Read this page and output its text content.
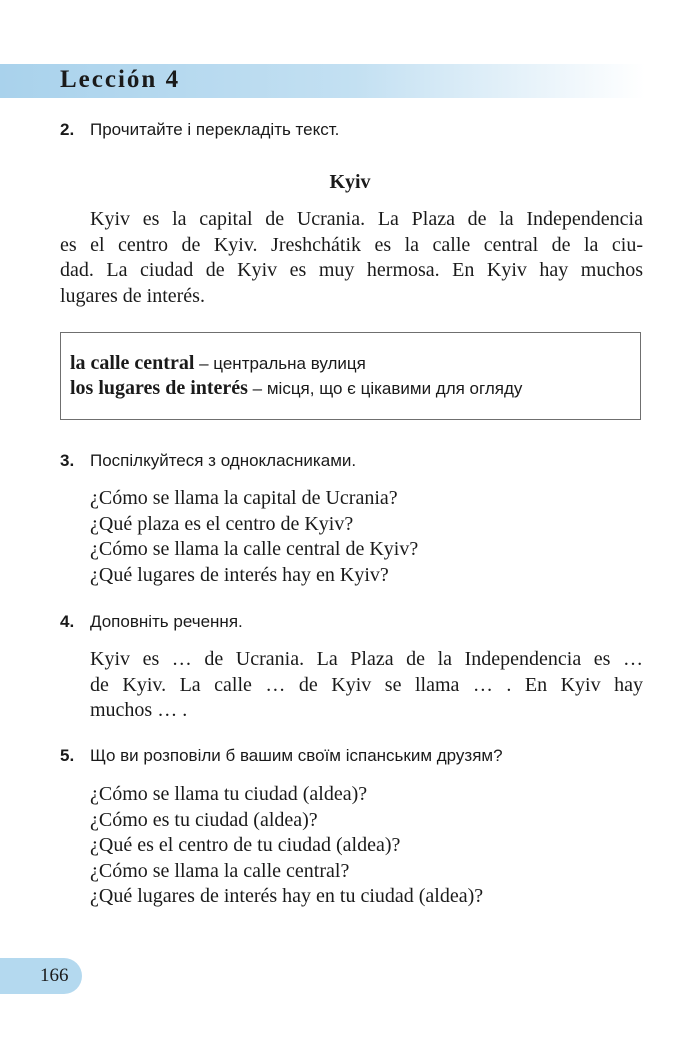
Lección 4
2. Прочитайте і перекладіть текст.
Kyiv
Kyiv es la capital de Ucrania. La Plaza de la Independencia
es el centro de Kyiv. Jreshchátik es la calle central de la ciu-
dad. La ciudad de Kyiv es muy hermosa. En Kyiv hay muchos
lugares de interés.
la calle central – центральна вулиця
los lugares de interés – місця, що є цікавими для огляду
3. Поспілкуйтеся з однокласниками.
¿Cómo se llama la capital de Ucrania?
¿Qué plaza es el centro de Kyiv?
¿Cómo se llama la calle central de Kyiv?
¿Qué lugares de interés hay en Kyiv?
4. Доповніть речення.
Kyiv es … de Ucrania. La Plaza de la Independencia es …
de Kyiv. La calle … de Kyiv se llama … . En Kyiv hay
muchos … .
5. Що ви розповіли б вашим своїм іспанським друзям?
¿Cómo se llama tu ciudad (aldea)?
¿Cómo es tu ciudad (aldea)?
¿Qué es el centro de tu ciudad (aldea)?
¿Cómo se llama la calle central?
¿Qué lugares de interés hay en tu ciudad (aldea)?
166
